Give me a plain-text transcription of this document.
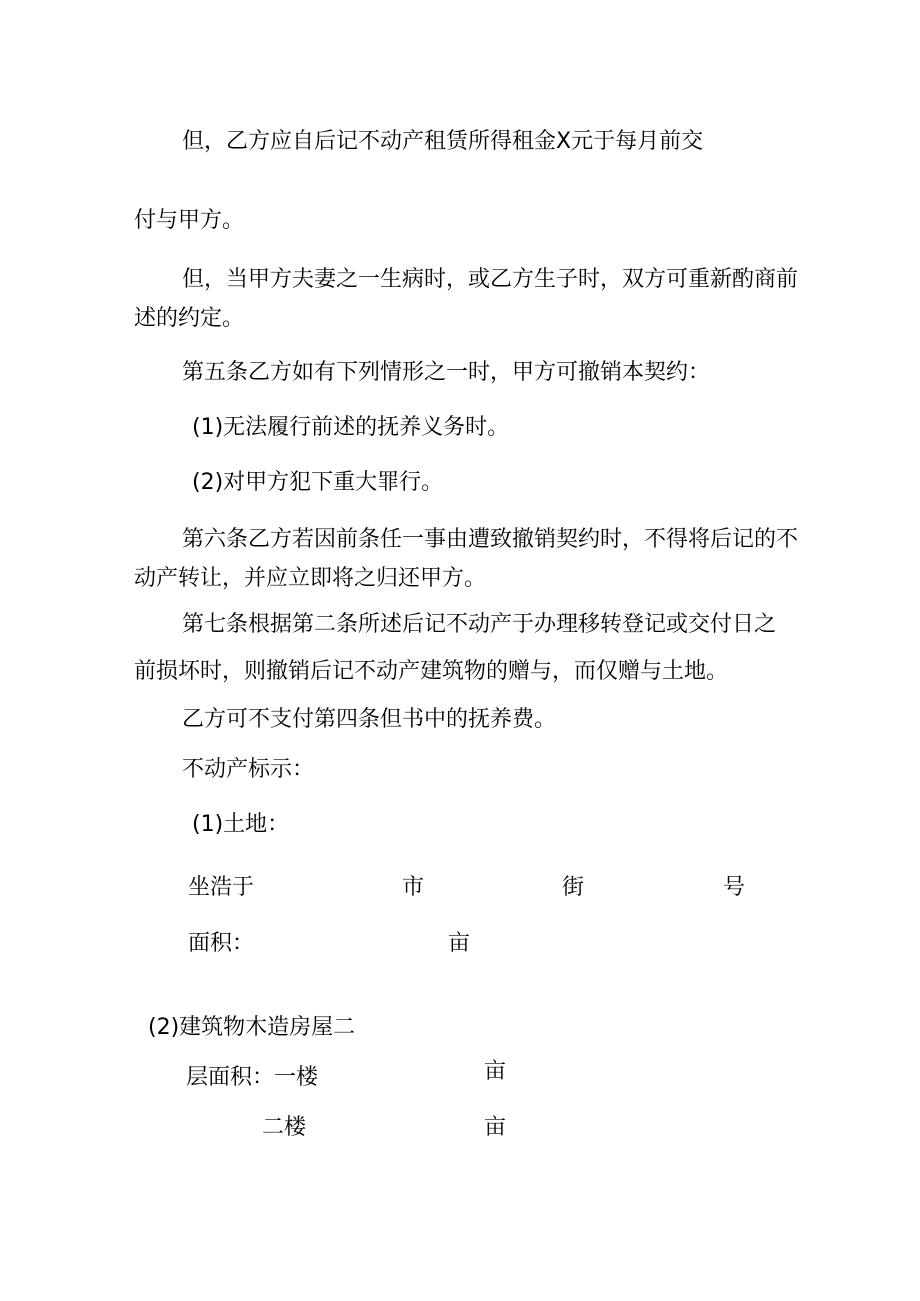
但，乙方应自后记不动产租赁所得租金X元于每月前交
付与甲方。
但，当甲方夫妻之一生病时，或乙方生子时，双方可重新酌商前
述的约定。
第五条乙方如有下列情形之一时，甲方可撤销本契约：
(1)无法履行前述的抚养义务时。
(2)对甲方犯下重大罪行。
第六条乙方若因前条任一事由遭致撤销契约时，不得将后记的不
动产转让，并应立即将之归还甲方。
第七条根据第二条所述后记不动产于办理移转登记或交付日之
前损坏时，则撤销后记不动产建筑物的赠与，而仅赠与土地。
乙方可不支付第四条但书中的抚养费。
不动产标示：
(1)土地：
坐浩于	市	街	号
面积：	亩
(2)建筑物木造房屋二
层面积：一楼	亩
二楼	亩
